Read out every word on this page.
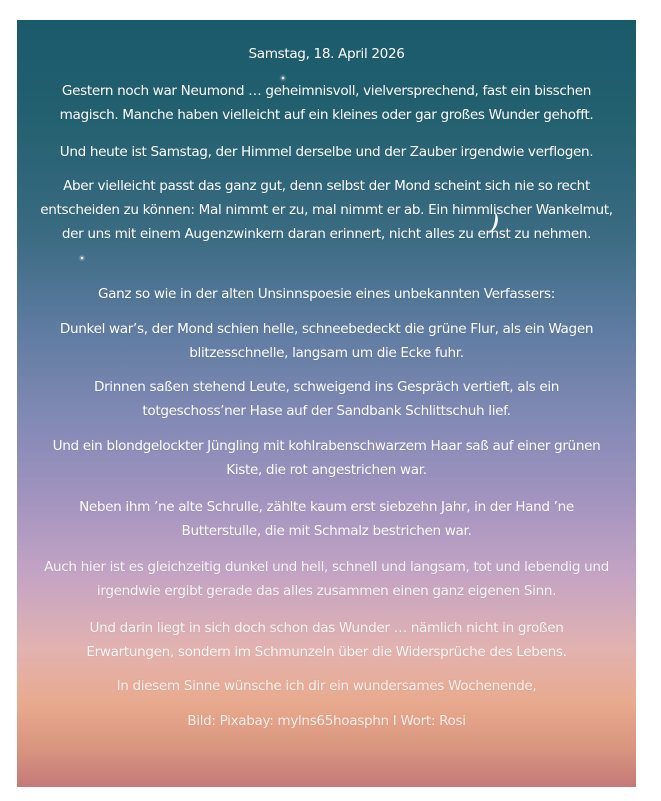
Samstag, 18. April 2026

Gestern noch war Neumond … geheimnisvoll, vielversprechend, fast ein bisschen magisch. Manche haben vielleicht auf ein kleines oder gar großes Wunder gehofft.

Und heute ist Samstag, der Himmel derselbe und der Zauber irgendwie verflogen.

Aber vielleicht passt das ganz gut, denn selbst der Mond scheint sich nie so recht entscheiden zu können: Mal nimmt er zu, mal nimmt er ab. Ein himmlischer Wankelmut, der uns mit einem Augenzwinkern daran erinnert, nicht alles zu ernst zu nehmen.

Ganz so wie in der alten Unsinnspoesie eines unbekannten Verfassers:

Dunkel war’s, der Mond schien helle, schneebedeckt die grüne Flur, als ein Wagen blitzesschnelle, langsam um die Ecke fuhr.

Drinnen saßen stehend Leute, schweigend ins Gespräch vertieft, als ein totgeschoss’ner Hase auf der Sandbank Schlittschuh lief.

Und ein blondgelockter Jüngling mit kohlrabenschwarzem Haar saß auf einer grünen Kiste, die rot angestrichen war.

Neben ihm ’ne alte Schrulle, zählte kaum erst siebzehn Jahr, in der Hand ’ne Butterstulle, die mit Schmalz bestrichen war.

Auch hier ist es gleichzeitig dunkel und hell, schnell und langsam, tot und lebendig und irgendwie ergibt gerade das alles zusammen einen ganz eigenen Sinn.

Und darin liegt in sich doch schon das Wunder … nämlich nicht in großen Erwartungen, sondern im Schmunzeln über die Widersprüche des Lebens.

In diesem Sinne wünsche ich dir ein wundersames Wochenende,

Bild: Pixabay: mylns65hoasphn I Wort: Rosi
